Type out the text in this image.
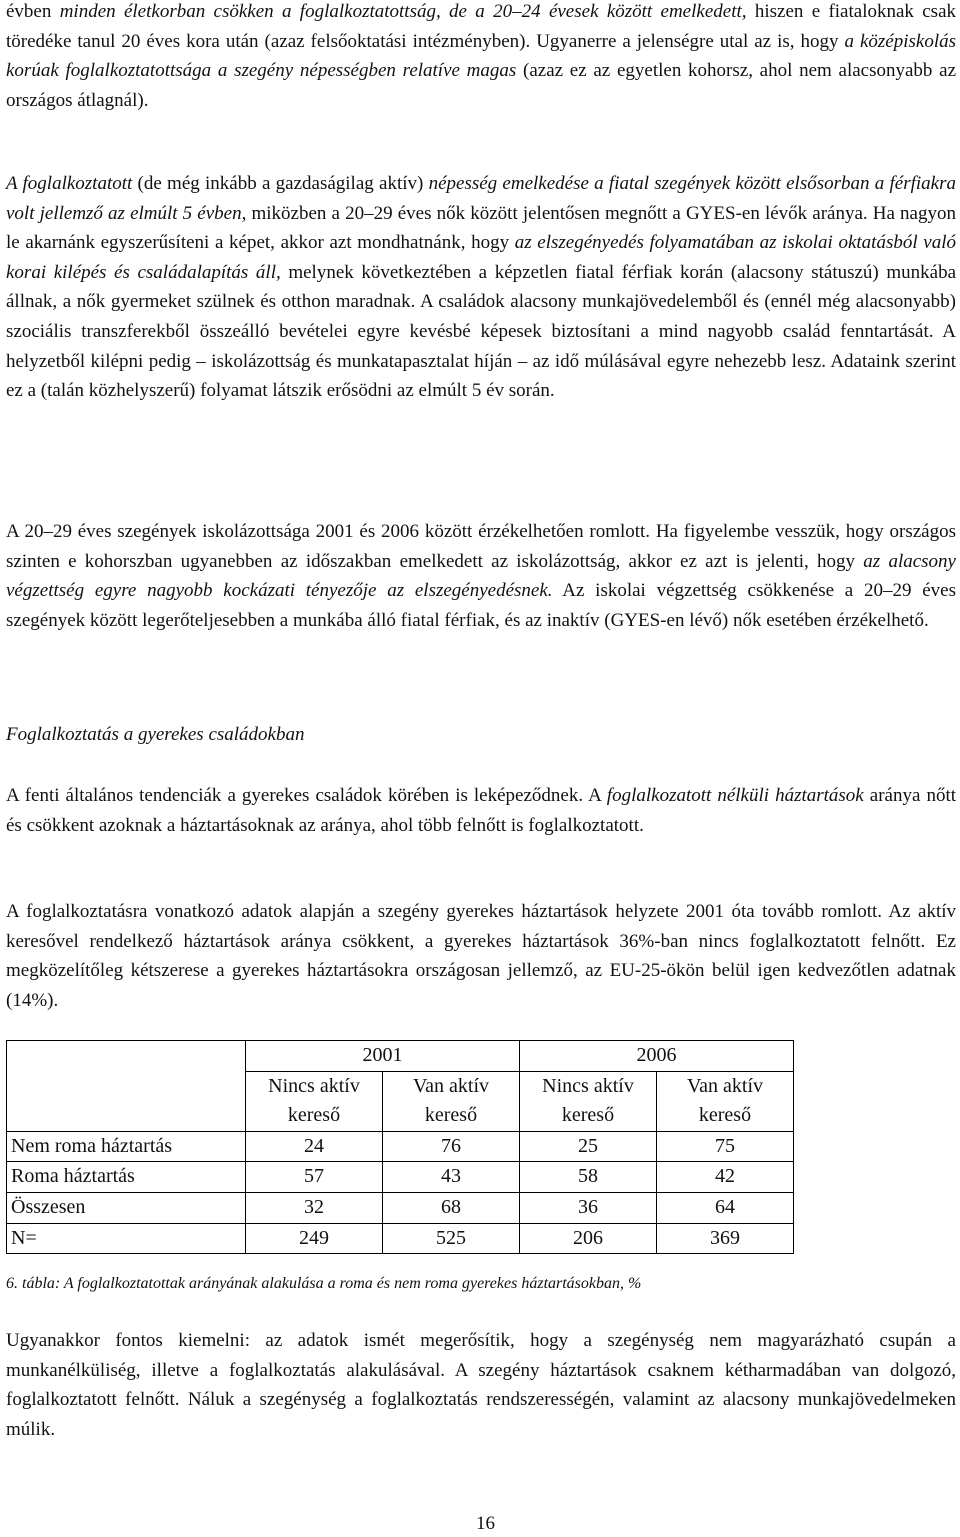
évben minden életkorban csökken a foglalkoztatottság, de a 20–24 évesek között emelkedett, hiszen e fiataloknak csak töredéke tanul 20 éves kora után (azaz felsőoktatási intézményben). Ugyanerre a jelenségre utal az is, hogy a középiskolás korúak foglalkoztatottsága a szegény népességben relatíve magas (azaz ez az egyetlen kohorsz, ahol nem alacsonyabb az országos átlagnál).

A foglalkoztatott (de még inkább a gazdaságilag aktív) népesség emelkedése a fiatal szegények között elsősorban a férfiakra volt jellemző az elmúlt 5 évben, miközben a 20–29 éves nők között jelentősen megnőtt a GYES-en lévők aránya. Ha nagyon le akarnánk egyszerűsíteni a képet, akkor azt mondhatnánk, hogy az elszegényedés folyamatában az iskolai oktatásból való korai kilépés és családalapítás áll, melynek következtében a képzetlen fiatal férfiak korán (alacsony státuszú) munkába állnak, a nők gyermeket szülnek és otthon maradnak. A családok alacsony munkajövedelemből és (ennél még alacsonyabb) szociális transzferekből összeálló bevételei egyre kevésbé képesek biztosítani a mind nagyobb család fenntartását. A helyzetből kilépni pedig – iskolázottság és munkatapasztalat híján – az idő múlásával egyre nehezebb lesz. Adataink szerint ez a (talán közhelyszerű) folyamat látszik erősödni az elmúlt 5 év során.

A 20–29 éves szegények iskolázottsága 2001 és 2006 között érzékelhetően romlott. Ha figyelembe vesszük, hogy országos szinten e kohorszban ugyanebben az időszakban emelkedett az iskolázottság, akkor ez azt is jelenti, hogy az alacsony végzettség egyre nagyobb kockázati tényezője az elszegényedésnek. Az iskolai végzettség csökkenése a 20–29 éves szegények között legerőteljesebben a munkába álló fiatal férfiak, és az inaktív (GYES-en lévő) nők esetében érzékelhető.

Foglalkoztatás a gyerekes családokban

A fenti általános tendenciák a gyerekes családok körében is leképeződnek. A foglalkozatott nélküli háztartások aránya nőtt és csökkent azoknak a háztartásoknak az aránya, ahol több felnőtt is foglalkoztatott.

A foglalkoztatásra vonatkozó adatok alapján a szegény gyerekes háztartások helyzete 2001 óta tovább romlott. Az aktív keresővel rendelkező háztartások aránya csökkent, a gyerekes háztartások 36%-ban nincs foglalkoztatott felnőtt. Ez megközelítőleg kétszerese a gyerekes háztartásokra országosan jellemző, az EU-25-ökön belül igen kedvezőtlen adatnak (14%).

	2001		2006	
	Nincs aktív kereső	Van aktív kereső	Nincs aktív kereső	Van aktív kereső
Nem roma háztartás	24	76	25	75
Roma háztartás	57	43	58	42
Összesen	32	68	36	64
N=	249	525	206	369
6. tábla: A foglalkoztatottak arányának alakulása a roma és nem roma gyerekes háztartásokban, %

Ugyanakkor fontos kiemelni: az adatok ismét megerősítik, hogy a szegénység nem magyarázható csupán a munkanélküliség, illetve a foglalkoztatás alakulásával. A szegény háztartások csaknem kétharmadában van dolgozó, foglalkoztatott felnőtt. Náluk a szegénység a foglalkoztatás rendszerességén, valamint az alacsony munkajövedelmeken múlik.

16
